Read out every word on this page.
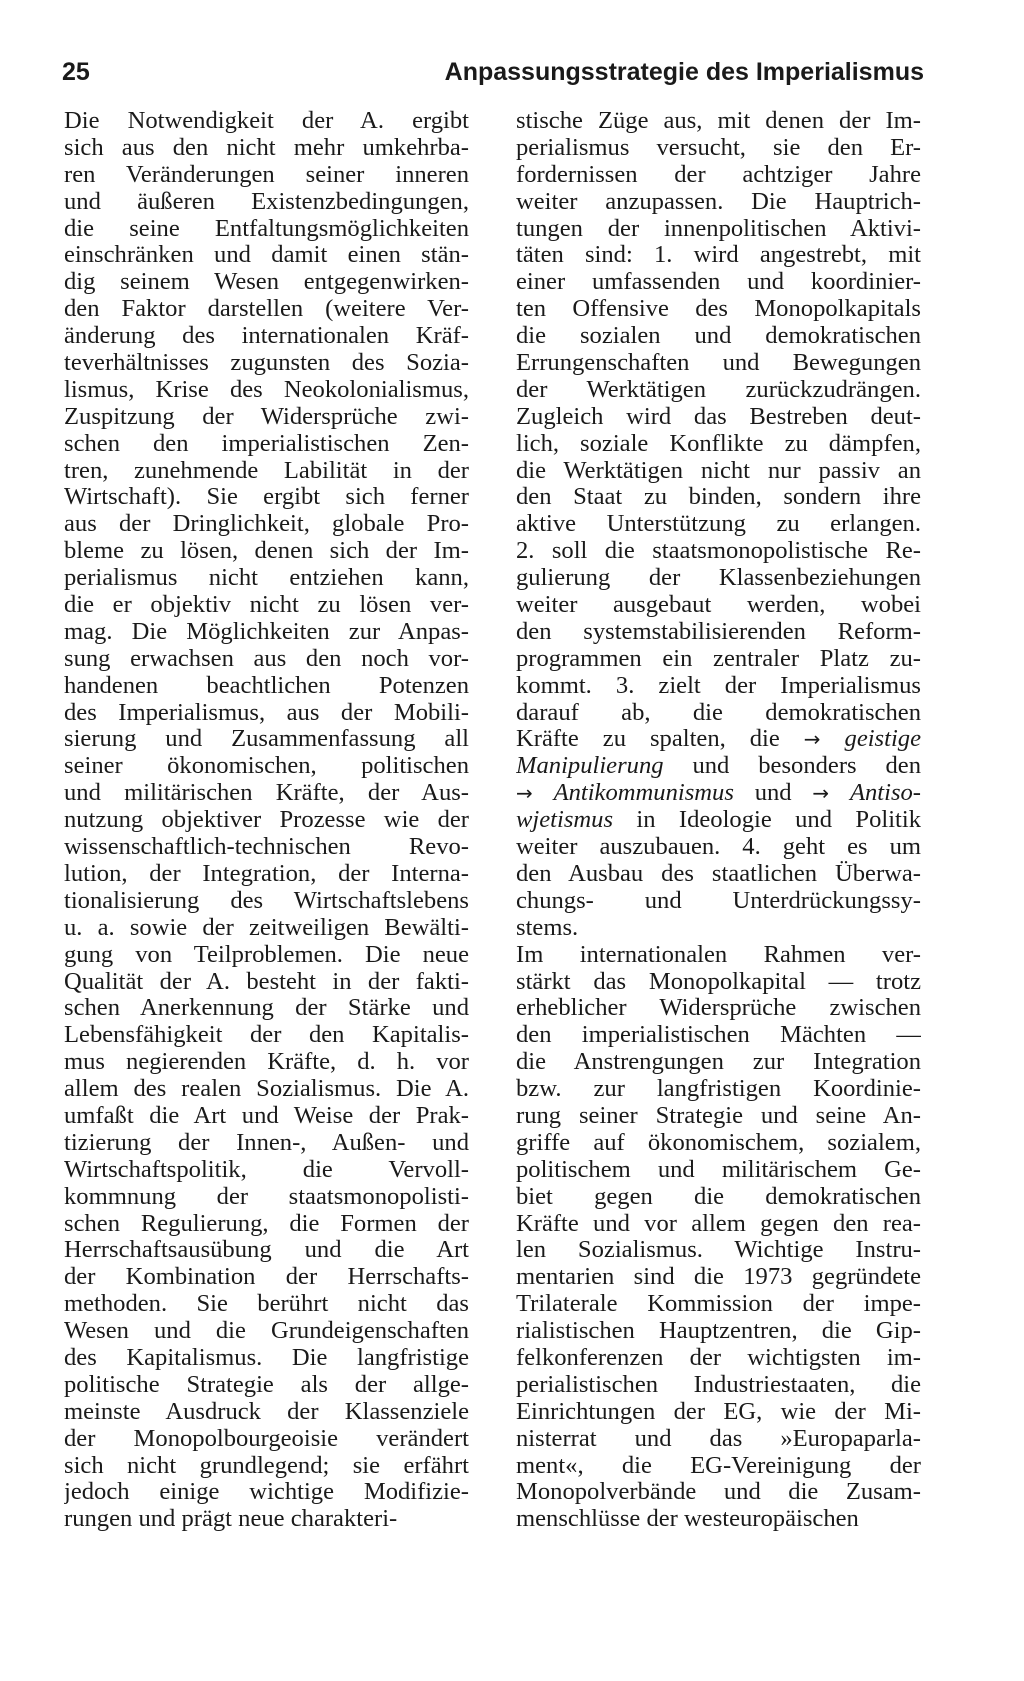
25	Anpassungsstrategie des Imperialismus
Die Notwendigkeit der A. ergibt
sich aus den nicht mehr umkehrba-
ren Veränderungen seiner inneren
und äußeren Existenzbedingungen,
die seine Entfaltungsmöglichkeiten
einschränken und damit einen stän-
dig seinem Wesen entgegenwirken-
den Faktor darstellen (weitere Ver-
änderung des internationalen Kräf-
teverhältnisses zugunsten des Sozia-
lismus, Krise des Neokolonialismus,
Zuspitzung der Widersprüche zwi-
schen den imperialistischen Zen-
tren, zunehmende Labilität in der
Wirtschaft). Sie ergibt sich ferner
aus der Dringlichkeit, globale Pro-
bleme zu lösen, denen sich der Im-
perialismus nicht entziehen kann,
die er objektiv nicht zu lösen ver-
mag. Die Möglichkeiten zur Anpas-
sung erwachsen aus den noch vor-
handenen beachtlichen Potenzen
des Imperialismus, aus der Mobili-
sierung und Zusammenfassung all
seiner ökonomischen, politischen
und militärischen Kräfte, der Aus-
nutzung objektiver Prozesse wie der
wissenschaftlich-technischen Revo-
lution, der Integration, der Interna-
tionalisierung des Wirtschaftslebens
u. a. sowie der zeitweiligen Bewälti-
gung von Teilproblemen. Die neue
Qualität der A. besteht in der fakti-
schen Anerkennung der Stärke und
Lebensfähigkeit der den Kapitalis-
mus negierenden Kräfte, d. h. vor
allem des realen Sozialismus. Die A.
umfaßt die Art und Weise der Prak-
tizierung der Innen-, Außen- und
Wirtschaftspolitik, die Vervoll-
kommnung der staatsmonopolisti-
schen Regulierung, die Formen der
Herrschaftsausübung und die Art
der Kombination der Herrschafts-
methoden. Sie berührt nicht das
Wesen und die Grundeigenschaften
des Kapitalismus. Die langfristige
politische Strategie als der allge-
meinste Ausdruck der Klassenziele
der Monopolbourgeoisie verändert
sich nicht grundlegend; sie erfährt
jedoch einige wichtige Modifizie-
rungen und prägt neue charakteri-
stische Züge aus, mit denen der Im-
perialismus versucht, sie den Er-
fordernissen der achtziger Jahre
weiter anzupassen. Die Hauptrich-
tungen der innenpolitischen Aktivi-
täten sind: 1. wird angestrebt, mit
einer umfassenden und koordinier-
ten Offensive des Monopolkapitals
die sozialen und demokratischen
Errungenschaften und Bewegungen
der Werktätigen zurückzudrängen.
Zugleich wird das Bestreben deut-
lich, soziale Konflikte zu dämpfen,
die Werktätigen nicht nur passiv an
den Staat zu binden, sondern ihre
aktive Unterstützung zu erlangen.
2. soll die staatsmonopolistische Re-
gulierung der Klassenbeziehungen
weiter ausgebaut werden, wobei
den systemstabilisierenden Reform-
programmen ein zentraler Platz zu-
kommt. 3. zielt der Imperialismus
darauf ab, die demokratischen
Kräfte zu spalten, die → geistige
Manipulierung und besonders den
→ Antikommunismus und → Antiso-
wjetismus in Ideologie und Politik
weiter auszubauen. 4. geht es um
den Ausbau des staatlichen Überwa-
chungs- und Unterdrückungssy-
stems.
Im internationalen Rahmen ver-
stärkt das Monopolkapital — trotz
erheblicher Widersprüche zwischen
den imperialistischen Mächten —
die Anstrengungen zur Integration
bzw. zur langfristigen Koordinie-
rung seiner Strategie und seine An-
griffe auf ökonomischem, sozialem,
politischem und militärischem Ge-
biet gegen die demokratischen
Kräfte und vor allem gegen den rea-
len Sozialismus. Wichtige Instru-
mentarien sind die 1973 gegründete
Trilaterale Kommission der impe-
rialistischen Hauptzentren, die Gip-
felkonferenzen der wichtigsten im-
perialistischen Industriestaaten, die
Einrichtungen der EG, wie der Mi-
nisterrat und das »Europaparla-
ment«, die EG-Vereinigung der
Monopolverbände und die Zusam-
menschlüsse der westeuropäischen
